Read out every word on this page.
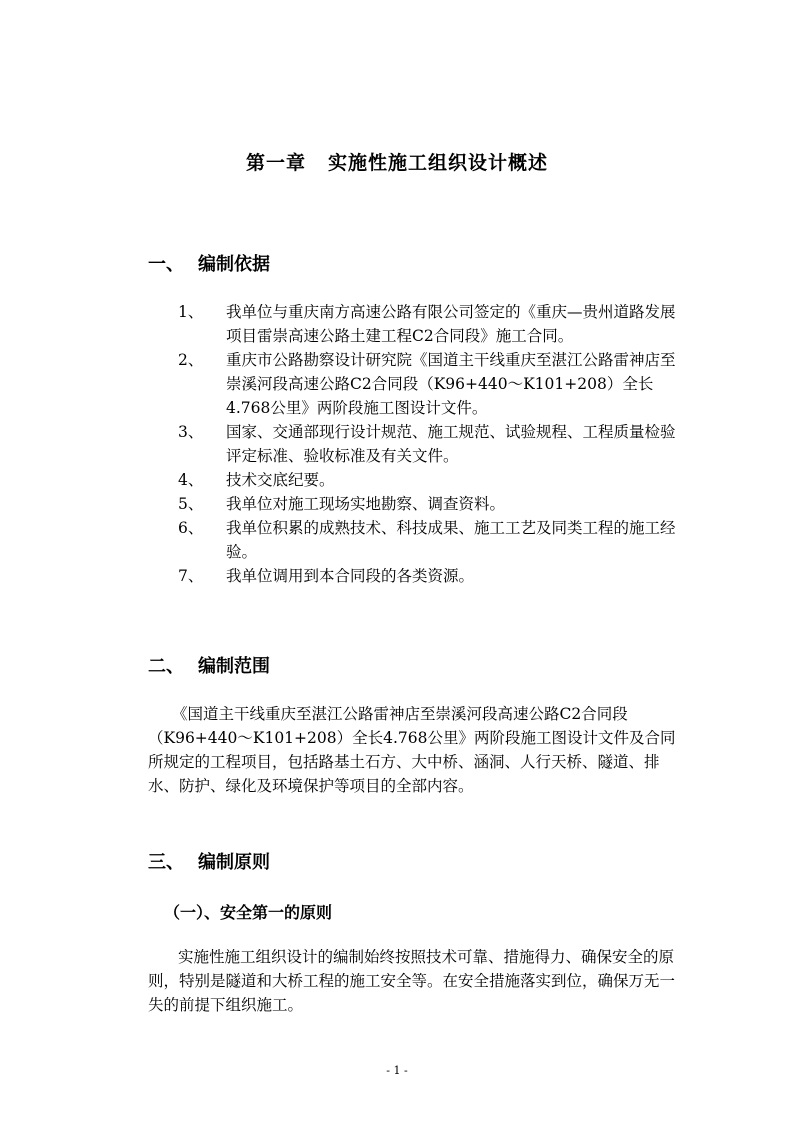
第一章 实施性施工组织设计概述
一、 编制依据

1、 我单位与重庆南方高速公路有限公司签定的《重庆—贵州道路发展项目雷崇高速公路土建工程C2合同段》施工合同。

2、 重庆市公路勘察设计研究院《国道主干线重庆至湛江公路雷神店至崇溪河段高速公路C2合同段（K96+440～K101+208）全长4.768公里》两阶段施工图设计文件。

3、 国家、交通部现行设计规范、施工规范、试验规程、工程质量检验评定标准、验收标准及有关文件。

4、 技术交底纪要。

5、 我单位对施工现场实地勘察、调查资料。

6、 我单位积累的成熟技术、科技成果、施工工艺及同类工程的施工经验。

7、 我单位调用到本合同段的各类资源。

二、 编制范围

《国道主干线重庆至湛江公路雷神店至崇溪河段高速公路C2合同段（K96+440～K101+208）全长4.768公里》两阶段施工图设计文件及合同所规定的工程项目，包括路基土石方、大中桥、涵洞、人行天桥、隧道、排水、防护、绿化及环境保护等项目的全部内容。

三、 编制原则
（一）、安全第一的原则

实施性施工组织设计的编制始终按照技术可靠、措施得力、确保安全的原则，特别是隧道和大桥工程的施工安全等。在安全措施落实到位，确保万无一失的前提下组织施工。

- 1 -
